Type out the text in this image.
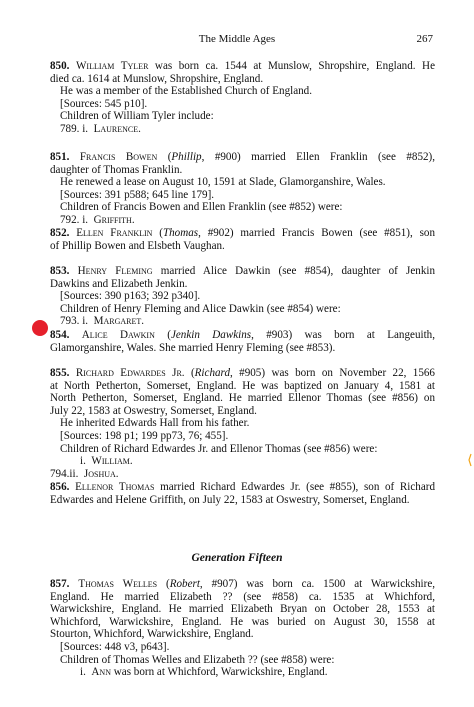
The Middle Ages	267
850. William Tyler was born ca. 1544 at Munslow, Shropshire, England. He
died ca. 1614 at Munslow, Shropshire, England.
He was a member of the Established Church of England.
[Sources: 545 p10].
Children of William Tyler include:
789. i. Laurence.
851. Francis Bowen (Phillip, #900) married Ellen Franklin (see #852),
daughter of Thomas Franklin.
He renewed a lease on August 10, 1591 at Slade, Glamorganshire, Wales.
[Sources: 391 p588; 645 line 179].
Children of Francis Bowen and Ellen Franklin (see #852) were:
792. i. Griffith.
852. Ellen Franklin (Thomas, #902) married Francis Bowen (see #851), son
of Phillip Bowen and Elsbeth Vaughan.
853. Henry Fleming married Alice Dawkin (see #854), daughter of Jenkin
Dawkins and Elizabeth Jenkin.
[Sources: 390 p163; 392 p340].
Children of Henry Fleming and Alice Dawkin (see #854) were:
793. i. Margaret.
854. Alice Dawkin (Jenkin Dawkins, #903) was born at Langeuith,
Glamorganshire, Wales. She married Henry Fleming (see #853).
855. Richard Edwardes Jr. (Richard, #905) was born on November 22, 1566
at North Petherton, Somerset, England. He was baptized on January 4, 1581 at
North Petherton, Somerset, England. He married Ellenor Thomas (see #856) on
July 22, 1583 at Oswestry, Somerset, England.
He inherited Edwards Hall from his father.
[Sources: 198 p1; 199 pp73, 76; 455].
Children of Richard Edwardes Jr. and Ellenor Thomas (see #856) were:
i. William.
794.ii. Joshua.
856. Ellenor Thomas married Richard Edwardes Jr. (see #855), son of Richard
Edwardes and Helene Griffith, on July 22, 1583 at Oswestry, Somerset, England.
Generation Fifteen
857. Thomas Welles (Robert, #907) was born ca. 1500 at Warwickshire,
England. He married Elizabeth ?? (see #858) ca. 1535 at Whichford,
Warwickshire, England. He married Elizabeth Bryan on October 28, 1553 at
Whichford, Warwickshire, England. He was buried on August 30, 1558 at
Stourton, Whichford, Warwickshire, England.
[Sources: 448 v3, p643].
Children of Thomas Welles and Elizabeth ?? (see #858) were:
i. Ann was born at Whichford, Warwickshire, England.
